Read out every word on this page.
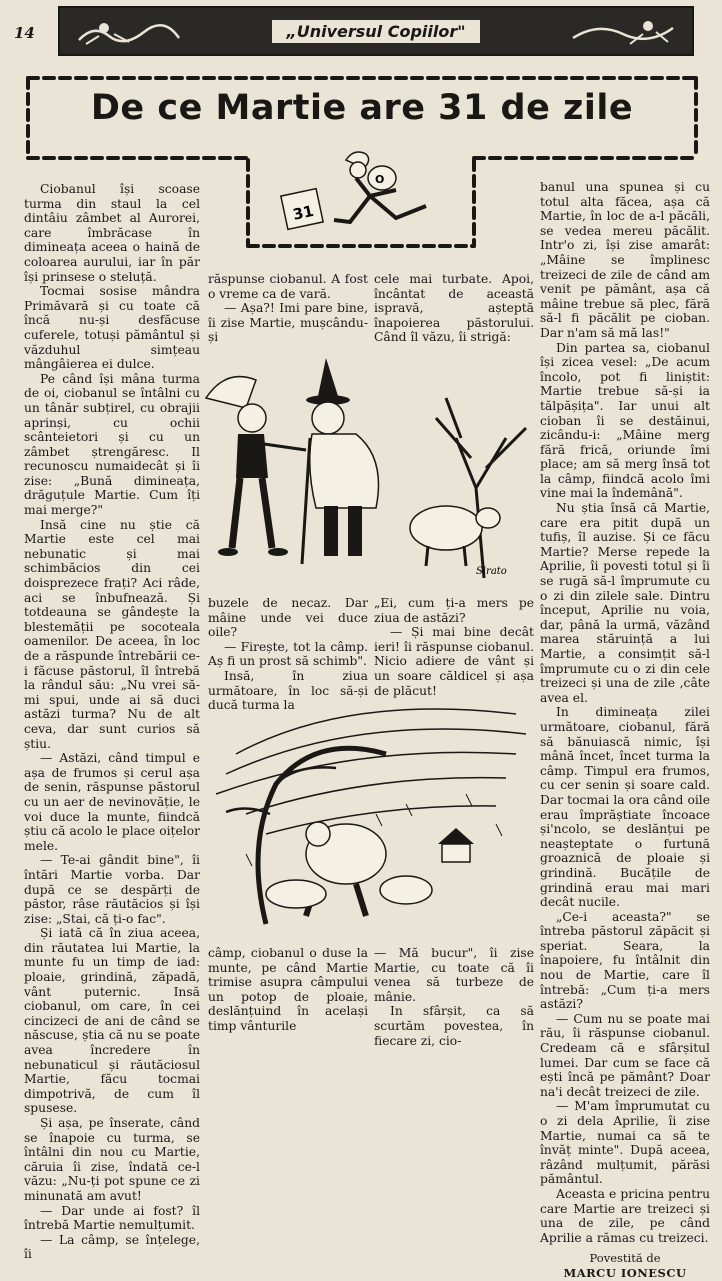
14	„Universul Copiilor"
De ce Martie are 31 de zile
31
O

Ciobanul își scoase turma din staul la cel dintâiu zâmbet al Aurorei, care îmbrăcase în dimineața aceea o haină de coloarea aurului, iar în păr își prinsese o steluță.

Tocmai sosise mândra Primăvară și cu toate că încă nu-și desfăcuse cuferele, totuși pământul și văzduhul simțeau mângâierea ei dulce.

Pe când își mâna turma de oi, ciobanul se întâlni cu un tânăr subțirel, cu obrajii aprinși, cu ochii scânteietori și cu un zâmbet ștrengăresc. Il recunoscu numaidecât și îi zise: „Bună dimineața, drăguțule Martie. Cum îți mai merge?"

Insă cine nu știe că Martie este cel mai nebunatic și mai schimbăcios din cei doisprezece frați? Aci râde, aci se înbufnează. Și totdeauna se gândește la blestemății pe socoteala oamenilor. De aceea, în loc de a răspunde întrebării ce-i făcuse păstorul, îl întrebă la rândul său: „Nu vrei să-mi spui, unde ai să duci astăzi turma? Nu de alt ceva, dar sunt curios să știu.

— Astăzi, când timpul e așa de frumos și cerul așa de senin, răspunse păstorul cu un aer de nevinovăție, le voi duce la munte, fiindcă știu că acolo le place oițelor mele.

— Te-ai gândit bine", îi întări Martie vorba. Dar după ce se despărți de păstor, râse răutăcios și își zise: „Stai, că ți-o fac".

Și iată că în ziua aceea, din răutatea lui Martie, la munte fu un timp de iad: ploaie, grindină, zăpadă, vânt puternic. Insă ciobanul, om care, în cei cincizeci de ani de când se născuse, știa că nu se poate avea încredere în nebunaticul și răutăciosul Martie, făcu tocmai dimpotrivă, de cum îl spusese.

Și așa, pe înserate, când se înapoie cu turma, se întâlni din nou cu Martie, căruia îi zise, îndată ce-l văzu: „Nu-ți pot spune ce zi minunată am avut!

— Dar unde ai fost? îl întrebă Martie nemulțumit.

— La câmp, se înțelege, îi

răspunse ciobanul. A fost o vreme ca de vară.

— Așa?! Imi pare bine, îi zise Martie, mușcându-și

cele mai turbate. Apoi, încântat de această ispravă, așteptă înapoierea păstorului. Când îl văzu, îi strigă:

Sirato

buzele de necaz. Dar mâine unde vei duce oile?

— Firește, tot la câmp. Aș fi un prost să schimb".

Insă, în ziua următoare, în loc să-și ducă turma la

„Ei, cum ți-a mers pe ziua de astăzi?

— Și mai bine decât ieri! îi răspunse ciobanul. Nicio adiere de vânt și un soare căldicel și așa de plăcut!

câmp, ciobanul o duse la munte, pe când Martie trimise asupra câmpului un potop de ploaie, deslănțuind în același timp vânturile

— Mă bucur", îi zise Martie, cu toate că îi venea să turbeze de mânie.

In sfârșit, ca să scurtăm povestea, în fiecare zi, cio-

banul una spunea și cu totul alta făcea, așa că Martie, în loc de a-l păcăli, se vedea mereu păcălit. Intr'o zi, își zise amarât: „Mâine se împlinesc treizeci de zile de când am venit pe pământ, așa că mâine trebue să plec, fără să-l fi păcălit pe cioban. Dar n'am să mă las!"

Din partea sa, ciobanul își zicea vesel: „De acum încolo, pot fi liniștit: Martie trebue să-și ia tălpășița". Iar unui alt cioban îi se destăinui, zicându-i: „Mâine merg fără frică, oriunde îmi place; am să merg însă tot la câmp, fiindcă acolo îmi vine mai la îndemână".

Nu știa însă că Martie, care era pitit după un tufiș, îl auzise. Și ce făcu Martie? Merse repede la Aprilie, îi povesti totul și îi se rugă să-l împrumute cu o zi din zilele sale. Dintru început, Aprilie nu voia, dar, până la urmă, văzând marea stăruință a lui Martie, a consimțit să-l împrumute cu o zi din cele treizeci și una de zile ,câte avea el.

In dimineața zilei următoare, ciobanul, fără să bănuiască nimic, își mână încet, încet turma la câmp. Timpul era frumos, cu cer senin și soare cald. Dar tocmai la ora când oile erau împrăștiate încoace și'ncolo, se deslănțui pe neașteptate o furtună groaznică de ploaie și grindină. Bucățile de grindină erau mai mari decât nucile.

„Ce-i aceasta?" se întreba păstorul zăpăcit și speriat. Seara, la înapoiere, fu întâlnit din nou de Martie, care îl întrebă: „Cum ți-a mers astăzi?

— Cum nu se poate mai rău, îi răspunse ciobanul. Credeam că e sfârșitul lumei. Dar cum se face că ești încă pe pământ? Doar na'i decât treizeci de zile.

— M'am împrumutat cu o zi dela Aprilie, îi zise Martie, numai ca să te învăț minte". După aceea, râzând mulțumit, părăsi pământul.

Aceasta e pricina pentru care Martie are treizeci și una de zile, pe când Aprilie a rămas cu treizeci.

Povestită de
MARCU IONESCU
